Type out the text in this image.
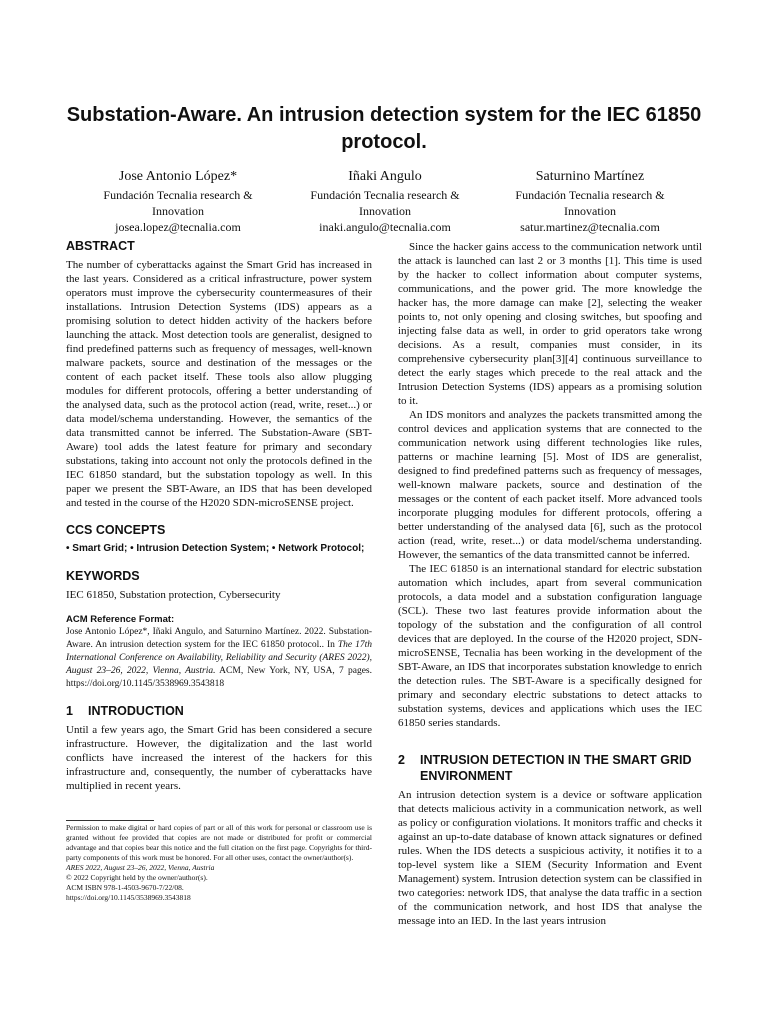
Substation-Aware. An intrusion detection system for the IEC 61850 protocol.
Jose Antonio López*
Fundación Tecnalia research &
Innovation
josea.lopez@tecnalia.com
Iñaki Angulo
Fundación Tecnalia research &
Innovation
inaki.angulo@tecnalia.com
Saturnino Martínez
Fundación Tecnalia research &
Innovation
satur.martinez@tecnalia.com
ABSTRACT

The number of cyberattacks against the Smart Grid has increased in the last years. Considered as a critical infrastructure, power system operators must improve the cybersecurity countermeasures of their installations. Intrusion Detection Systems (IDS) appears as a promising solution to detect hidden activity of the hackers before launching the attack. Most detection tools are generalist, designed to find predefined patterns such as frequency of messages, well-known malware packets, source and destination of the messages or the content of each packet itself. These tools also allow plugging modules for different protocols, offering a better understanding of the analysed data, such as the protocol action (read, write, reset...) or data model/schema understanding. However, the semantics of the data transmitted cannot be inferred. The Substation-Aware (SBT-Aware) tool adds the latest feature for primary and secondary substations, taking into account not only the protocols defined in the IEC 61850 standard, but the substation topology as well. In this paper we present the SBT-Aware, an IDS that has been developed and tested in the course of the H2020 SDN-microSENSE project.

CCS CONCEPTS
• Smart Grid; • Intrusion Detection System; • Network Protocol;
KEYWORDS
IEC 61850, Substation protection, Cybersecurity
ACM Reference Format:
Jose Antonio López*, Iñaki Angulo, and Saturnino Martínez. 2022. Substation-Aware. An intrusion detection system for the IEC 61850 protocol.. In The 17th International Conference on Availability, Reliability and Security (ARES 2022), August 23–26, 2022, Vienna, Austria. ACM, New York, NY, USA, 7 pages. https://doi.org/10.1145/3538969.3543818
1	INTRODUCTION

Until a few years ago, the Smart Grid has been considered a secure infrastructure. However, the digitalization and the last world conflicts have increased the interest of the hackers for this infrastructure and, consequently, the number of cyberattacks have multiplied in recent years.

Permission to make digital or hard copies of part or all of this work for personal or classroom use is granted without fee provided that copies are not made or distributed for profit or commercial advantage and that copies bear this notice and the full citation on the first page. Copyrights for third-party components of this work must be honored. For all other uses, contact the owner/author(s).

ARES 2022, August 23–26, 2022, Vienna, Austria
© 2022 Copyright held by the owner/author(s).
ACM ISBN 978-1-4503-9670-7/22/08.
https://doi.org/10.1145/3538969.3543818

Since the hacker gains access to the communication network until the attack is launched can last 2 or 3 months [1]. This time is used by the hacker to collect information about computer systems, communications, and the power grid. The more knowledge the hacker has, the more damage can make [2], selecting the weaker points to, not only opening and closing switches, but spoofing and injecting false data as well, in order to grid operators take wrong decisions. As a result, companies must consider, in its comprehensive cybersecurity plan[3][4] continuous surveillance to detect the early stages which precede to the real attack and the Intrusion Detection Systems (IDS) appears as a promising solution to it.

An IDS monitors and analyzes the packets transmitted among the control devices and application systems that are connected to the communication network using different technologies like rules, patterns or machine learning [5]. Most of IDS are generalist, designed to find predefined patterns such as frequency of messages, well-known malware packets, source and destination of the messages or the content of each packet itself. More advanced tools incorporate plugging modules for different protocols, offering a better understanding of the analysed data [6], such as the protocol action (read, write, reset...) or data model/schema understanding. However, the semantics of the data transmitted cannot be inferred.

The IEC 61850 is an international standard for electric substation automation which includes, apart from several communication protocols, a data model and a substation configuration language (SCL). These two last features provide information about the topology of the substation and the configuration of all control devices that are deployed. In the course of the H2020 project, SDN-microSENSE, Tecnalia has been working in the development of the SBT-Aware, an IDS that incorporates substation knowledge to enrich the detection rules. The SBT-Aware is a specifically designed for primary and secondary electric substations to detect attacks to substation systems, devices and applications which uses the IEC 61850 series standards.

2	INTRUSION DETECTION IN THE SMART GRID ENVIRONMENT

An intrusion detection system is a device or software application that detects malicious activity in a communication network, as well as policy or configuration violations. It monitors traffic and checks it against an up-to-date database of known attack signatures or defined rules. When the IDS detects a suspicious activity, it notifies it to a top-level system like a SIEM (Security Information and Event Management) system. Intrusion detection system can be classified in two categories: network IDS, that analyse the data traffic in a section of the communication network, and host IDS that analyse the message into an IED. In the last years intrusion
